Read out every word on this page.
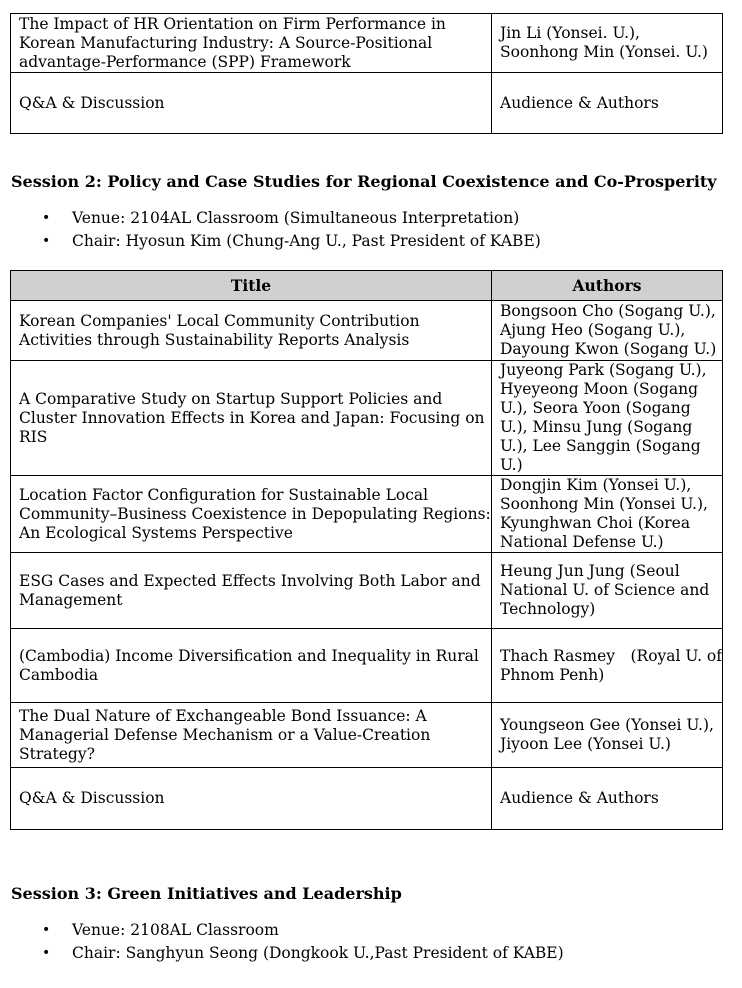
The Impact of HR Orientation on Firm Performance in Korean Manufacturing Industry: A Source-Positional advantage-Performance (SPP) Framework	Jin Li (Yonsei. U.), Soonhong Min (Yonsei. U.)
Q&A & Discussion	Audience & Authors

Session 2: Policy and Case Studies for Regional Coexistence and Co-Prosperity

• Venue: 2104AL Classroom (Simultaneous Interpretation)
• Chair: Hyosun Kim (Chung-Ang U., Past President of KABE)
Title	Authors
Korean Companies' Local Community Contribution Activities through Sustainability Reports Analysis	Bongsoon Cho (Sogang U.), Ajung Heo (Sogang U.), Dayoung Kwon (Sogang U.)
A Comparative Study on Startup Support Policies and Cluster Innovation Effects in Korea and Japan: Focusing on RIS	Juyeong Park (Sogang U.), Hyeyeong Moon (Sogang U.), Seora Yoon (Sogang U.), Minsu Jung (Sogang U.), Lee Sanggin (Sogang U.)
Location Factor Configuration for Sustainable Local Community–Business Coexistence in Depopulating Regions: An Ecological Systems Perspective	Dongjin Kim (Yonsei U.), Soonhong Min (Yonsei U.), Kyunghwan Choi (Korea National Defense U.)
ESG Cases and Expected Effects Involving Both Labor and Management	Heung Jun Jung (Seoul National U. of Science and Technology)
(Cambodia) Income Diversification and Inequality in Rural Cambodia	Thach Rasmey　(Royal U. of Phnom Penh)
The Dual Nature of Exchangeable Bond Issuance: A Managerial Defense Mechanism or a Value-Creation Strategy?	Youngseon Gee (Yonsei U.), Jiyoon Lee (Yonsei U.)
Q&A & Discussion	Audience & Authors

Session 3: Green Initiatives and Leadership

• Venue: 2108AL Classroom
• Chair: Sanghyun Seong (Dongkook U.,Past President of KABE)
